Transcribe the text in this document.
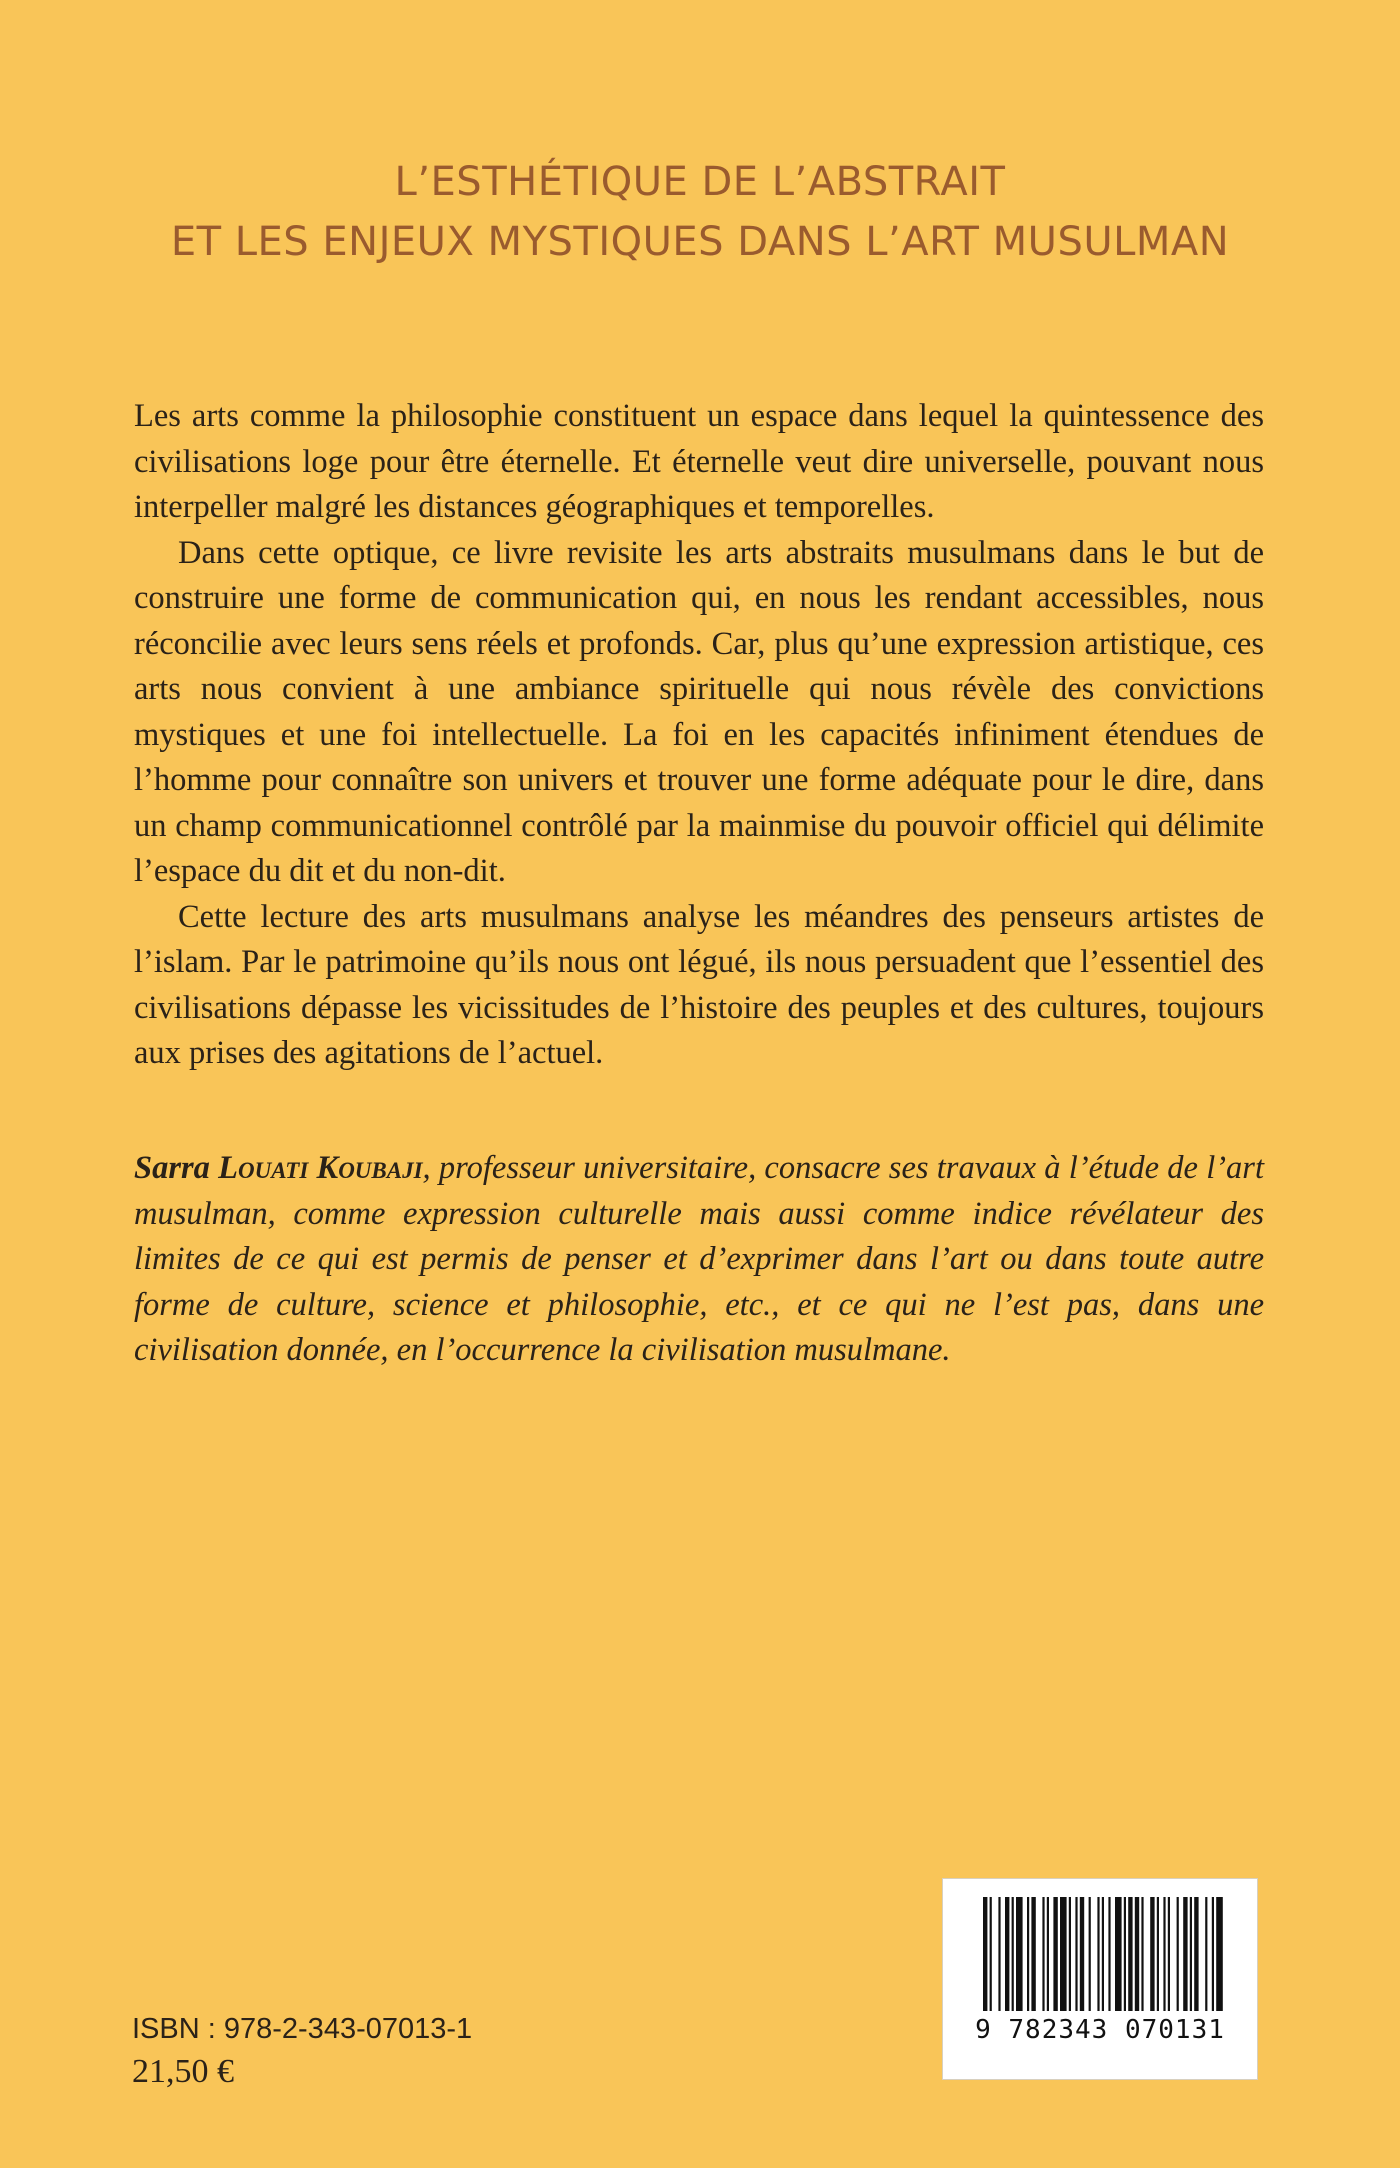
L’ESTHÉTIQUE DE L’ABSTRAIT
ET LES ENJEUX MYSTIQUES DANS L’ART MUSULMAN

Les arts comme la philosophie constituent un espace dans lequel la quintessence des civilisations loge pour être éternelle. Et éternelle veut dire universelle, pouvant nous interpeller malgré les distances géographiques et temporelles.

Dans cette optique, ce livre revisite les arts abstraits musulmans dans le but de construire une forme de communication qui, en nous les rendant accessibles, nous réconcilie avec leurs sens réels et profonds. Car, plus qu’une expression artistique, ces arts nous convient à une ambiance spirituelle qui nous révèle des convictions mystiques et une foi intellectuelle. La foi en les capacités infiniment étendues de l’homme pour connaître son univers et trouver une forme adéquate pour le dire, dans un champ communicationnel contrôlé par la mainmise du pouvoir officiel qui délimite l’espace du dit et du non-dit.

Cette lecture des arts musulmans analyse les méandres des penseurs artistes de l’islam. Par le patrimoine qu’ils nous ont légué, ils nous persuadent que l’essentiel des civilisations dépasse les vicissitudes de l’histoire des peuples et des cultures, toujours aux prises des agitations de l’actuel.

Sarra Louati Koubaji, professeur universitaire, consacre ses travaux à l’étude de l’art musulman, comme expression culturelle mais aussi comme indice révélateur des limites de ce qui est permis de penser et d’exprimer dans l’art ou dans toute autre forme de culture, science et philosophie, etc., et ce qui ne l’est pas, dans une civilisation donnée, en l’occurrence la civilisation musulmane.
ISBN : 978-2-343-07013-1
21,50 €
9 782343 070131
